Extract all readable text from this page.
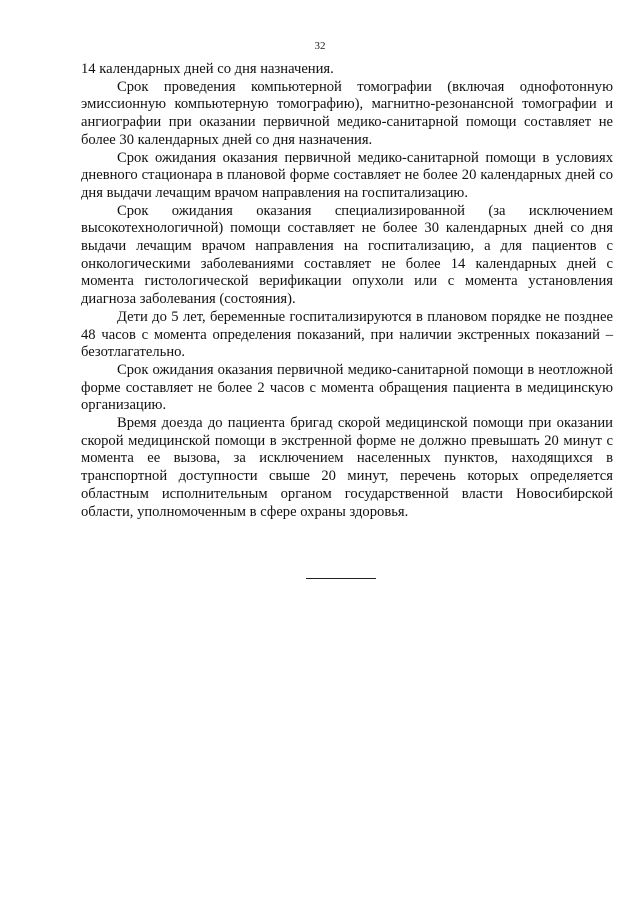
32

14 календарных дней со дня назначения.

Срок проведения компьютерной томографии (включая однофотонную эмиссионную компьютерную томографию), магнитно-резонансной томографии и ангиографии при оказании первичной медико-санитарной помощи составляет не более 30 календарных дней со дня назначения.

Срок ожидания оказания первичной медико-санитарной помощи в условиях дневного стационара в плановой форме составляет не более 20 календарных дней со дня выдачи лечащим врачом направления на госпитализацию.

Срок ожидания оказания специализированной (за исключением высокотехнологичной) помощи составляет не более 30 календарных дней со дня выдачи лечащим врачом направления на госпитализацию, а для пациентов с онкологическими заболеваниями составляет не более 14 календарных дней с момента гистологической верификации опухоли или с момента установления диагноза заболевания (состояния).

Дети до 5 лет, беременные госпитализируются в плановом порядке не позднее 48 часов с момента определения показаний, при наличии экстренных показаний – безотлагательно.

Срок ожидания оказания первичной медико-санитарной помощи в неотложной форме составляет не более 2 часов с момента обращения пациента в медицинскую организацию.

Время доезда до пациента бригад скорой медицинской помощи при оказании скорой медицинской помощи в экстренной форме не должно превышать 20 минут с момента ее вызова, за исключением населенных пунктов, находящихся в транспортной доступности свыше 20 минут, перечень которых определяется областным исполнительным органом государственной власти Новосибирской области, уполномоченным в сфере охраны здоровья.
